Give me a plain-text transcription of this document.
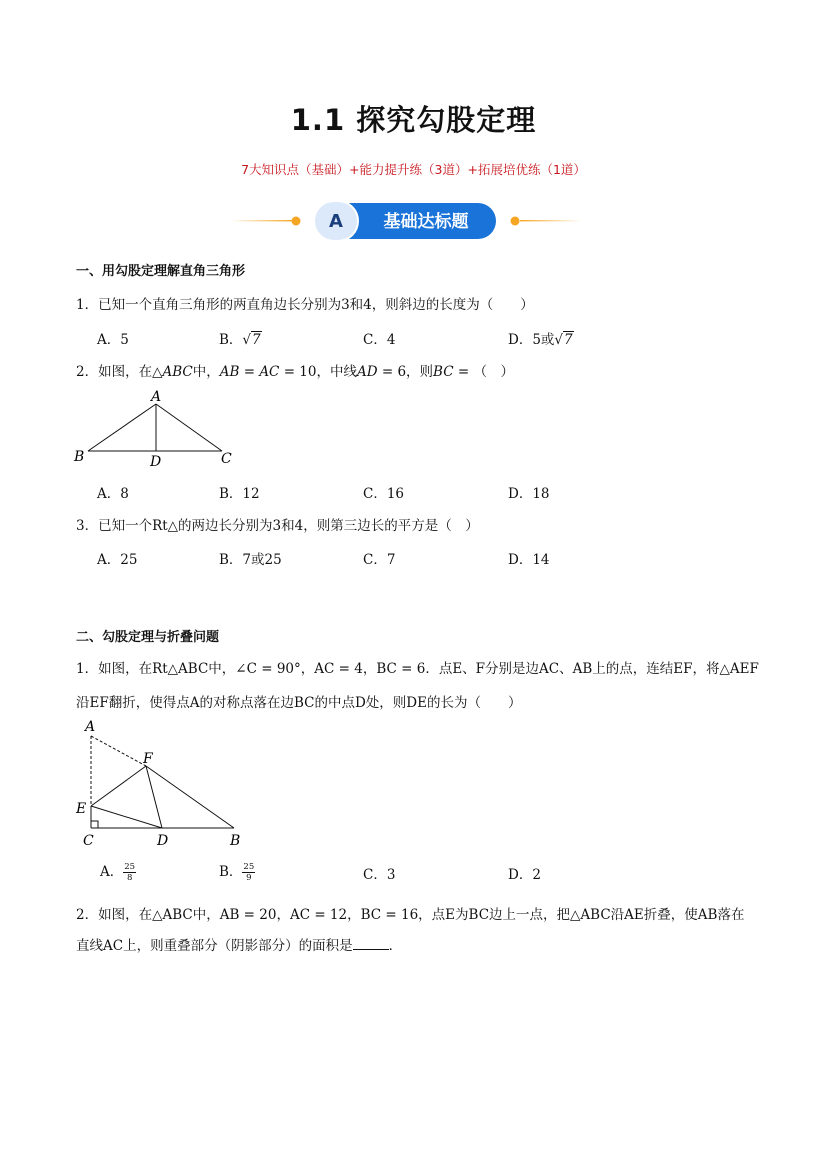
1.1 探究勾股定理
7大知识点（基础）+能力提升练（3道）+拓展培优练（1道）
A 基础达标题
一、用勾股定理解直角三角形
1．已知一个直角三角形的两直角边长分别为3和4，则斜边的长度为（　　）
A．5	B．√7	C．4	D．5或√7
2．如图，在△ABC中，AB = AC = 10，中线AD = 6，则BC = （　）
A
B	D	C
A．8	B．12	C．16	D．18
3．已知一个Rt△的两边长分别为3和4，则第三边长的平方是（　）
A．25	B．7或25	C．7	D．14
二、勾股定理与折叠问题
1．如图，在Rt△ABC中，∠C = 90°，AC = 4，BC = 6．点E、F分别是边AC、AB上的点，连结EF，将△AEF
沿EF翻折，使得点A的对称点落在边BC的中点D处，则DE的长为（　　）
A
F
E
C	D	B
A． $\frac{25}{8}$	B． $\frac{25}{9}$	C．3	D．2
2．如图，在△ABC中，AB = 20，AC = 12，BC = 16，点E为BC边上一点，把△ABC沿AE折叠，使AB落在
直线AC上，则重叠部分（阴影部分）的面积是	．
